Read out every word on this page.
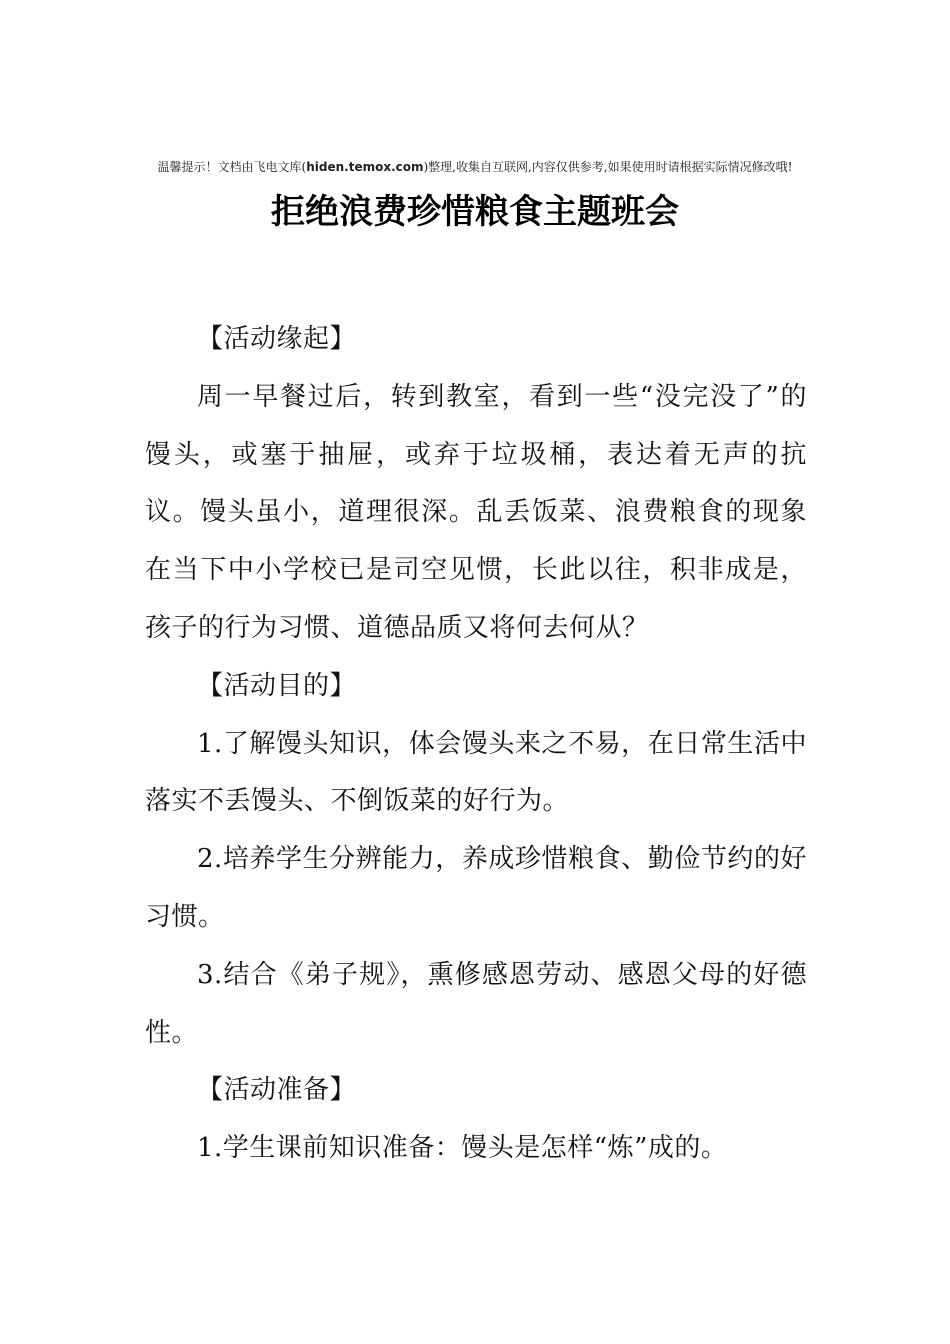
温馨提示！文档由飞电文库(hiden.temox.com)整理,收集自互联网,内容仅供参考,如果使用时请根据实际情况修改哦!
拒绝浪费珍惜粮食主题班会

【活动缘起】

周一早餐过后，转到教室，看到一些“没完没了”的馒头，或塞于抽屉，或弃于垃圾桶，表达着无声的抗议。馒头虽小，道理很深。乱丢饭菜、浪费粮食的现象在当下中小学校已是司空见惯，长此以往，积非成是，孩子的行为习惯、道德品质又将何去何从？

【活动目的】

1.了解馒头知识，体会馒头来之不易，在日常生活中落实不丢馒头、不倒饭菜的好行为。

2.培养学生分辨能力，养成珍惜粮食、勤俭节约的好习惯。

3.结合《弟子规》，熏修感恩劳动、感恩父母的好德性。

【活动准备】

1.学生课前知识准备：馒头是怎样“炼”成的。
